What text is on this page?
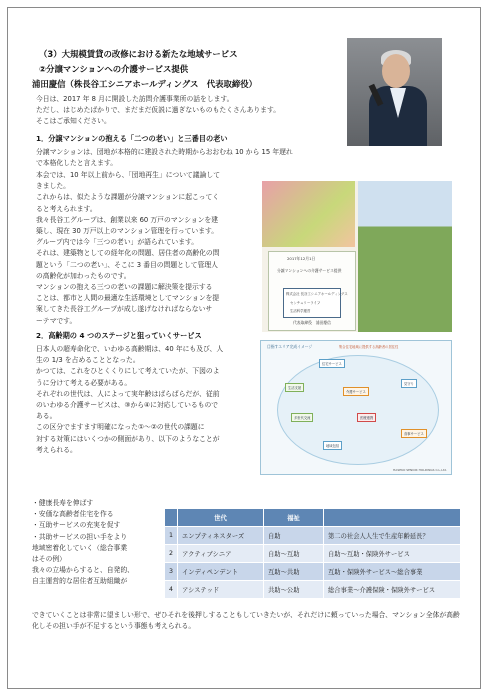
（3）大規模賃貸の改修における新たな地域サービス
②分譲マンションへの介護サービス提供
浦田慶信（株長谷工シニアホールディングス　代表取締役）
今日は、2017 年 8 月に開設した訪問介護事業所の話をします。
ただし、はじめたばかりで、まだまだ仮説に過ぎないものもたくさんあります。
そこはご承知ください。
1．分譲マンションの抱える「二つの老い」と三番目の老い
分譲マンションは、団地が本格的に建設された時期からおおむね 10 から 15 年遅れ
で本格化したと言えます。
本会では、10 年以上前から、「団地再生」について議論して
きました。
これからは、似たような課題が分譲マンションに起こってく
ると考えられます。
我々長谷工グループは、創業以来 60 万戸のマンションを建
築し、現在 30 万戸以上のマンション管理を行っています。
グループ内では今「三つの老い」が語られています。
それは、建築物としての経年化の問題、居住者の高齢化の問
題という「二つの老い」、そこに 3 番目の問題として管理人
の高齢化が加わったものです。
マンションの抱える三つの老いの課題に解決策を提示する
ことは、都市と人間の最適な生活環境としてマンションを提
案してきた長谷工グループが成し遂げなければならないサ
ーテマです。
2017年12月1日
分譲マンションへの介護サービス提供
株式会社 長谷工シニアホールディングス
センチュリーライフ
生活科学運営
代表取締役　浦田慶信
2．高齢期の 4 つのステージと狙っていくサービス
日本人の超寿命化で、いわゆる高齢期は、40 年にも及び、人
生の 1/3 を占めることとなった。
かつては、これをひとくくりにして考えていたが、下図のよ
うに分けて考える必要がある。
それぞれの世代は、人によって実年齢はばらばらだが、従前
のいわゆる介護サービスは、③から④に対応しているもので
ある。
この区分でますます明確になった①～②の世代の課題に
対する対策にはいくつかの側面があり、以下のようなことが
考えられる。
目指すエリア完成イメージ	集合住宅地域に提供する高齢者の居住性
住宅サービス
生活支援
介護サービス
見守り
多世代交流	医療連携
食事サービス
地域包括
HASEKO SENIOR HOLDINGS Co.,Ltd.
・健康長寿を伸ばす
・安価な高齢者住宅を作る
・互助サービスの充実を促す
・共助サービスの担い手をより
地域密着化していく（総合事業
はその例）
我々の立場からすると、自発的、
自主運営的な居住者互助組織が
	世代	福祉	
1	エンプティネスターズ	自助	第二の社会人人生で生産年齢延長？
2	アクティブシニア	自助～互助	自助～互助・保険外サービス
3	インディペンデント	互助～共助	互助・保険外サービス～総合事業
4	アシステッド	共助～公助	総合事業～介護保険・保険外サービス
できていくことは非常に望ましい形で、ぜひそれを後押しすることもしていきたいが、それだけに頼っていった場合、マンション全体が高齢化しその担い手が不足するという事態も考えられる。
